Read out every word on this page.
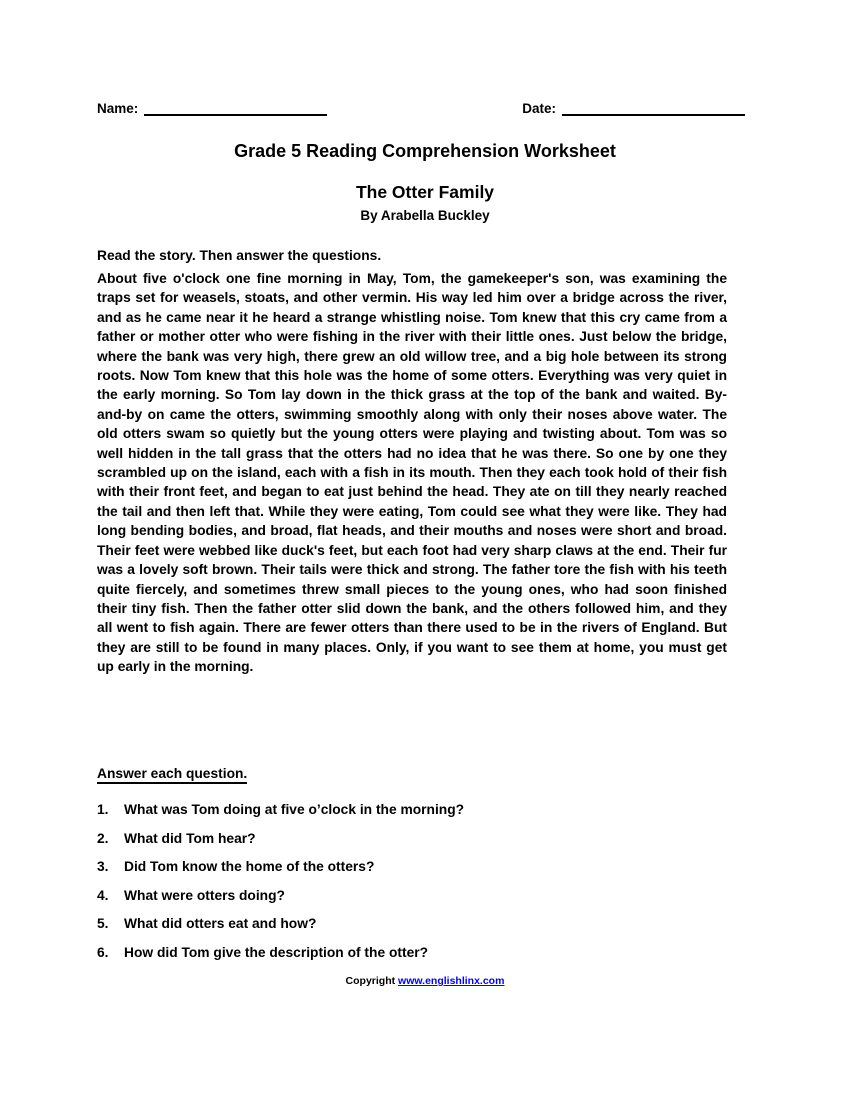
Name:	Date:
Grade 5 Reading Comprehension Worksheet
The Otter Family
By Arabella Buckley
Read the story. Then answer the questions.
About five o'clock one fine morning in May, Tom, the gamekeeper's son, was examining the traps set for weasels, stoats, and other vermin. His way led him over a bridge across the river, and as he came near it he heard a strange whistling noise. Tom knew that this cry came from a father or mother otter who were fishing in the river with their little ones. Just below the bridge, where the bank was very high, there grew an old willow tree, and a big hole between its strong roots. Now Tom knew that this hole was the home of some otters. Everything was very quiet in the early morning. So Tom lay down in the thick grass at the top of the bank and waited. By-and-by on came the otters, swimming smoothly along with only their noses above water. The old otters swam so quietly but the young otters were playing and twisting about. Tom was so well hidden in the tall grass that the otters had no idea that he was there. So one by one they scrambled up on the island, each with a fish in its mouth. Then they each took hold of their fish with their front feet, and began to eat just behind the head. They ate on till they nearly reached the tail and then left that. While they were eating, Tom could see what they were like. They had long bending bodies, and broad, flat heads, and their mouths and noses were short and broad. Their feet were webbed like duck's feet, but each foot had very sharp claws at the end. Their fur was a lovely soft brown. Their tails were thick and strong. The father tore the fish with his teeth quite fiercely, and sometimes threw small pieces to the young ones, who had soon finished their tiny fish. Then the father otter slid down the bank, and the others followed him, and they all went to fish again. There are fewer otters than there used to be in the rivers of England. But they are still to be found in many places. Only, if you want to see them at home, you must get up early in the morning.
Answer each question.
1.	What was Tom doing at five o’clock in the morning?
2.	What did Tom hear?
3.	Did Tom know the home of the otters?
4.	What were otters doing?
5.	What did otters eat and how?
6.	How did Tom give the description of the otter?
Copyright www.englishlinx.com
